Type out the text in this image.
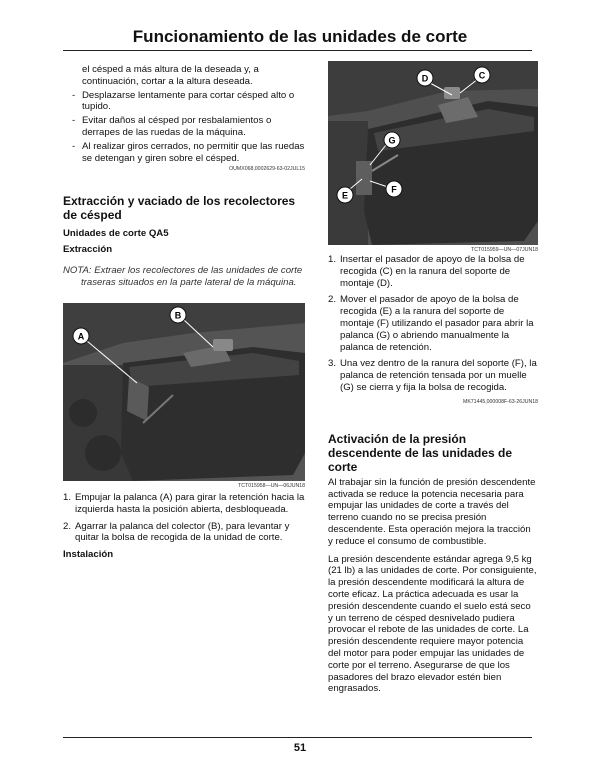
Funcionamiento de las unidades de corte
el césped a más altura de la deseada y, a continuación, cortar a la altura deseada.
- Desplazarse lentamente para cortar césped alto o tupido.
- Evitar daños al césped por resbalamientos o derrapes de las ruedas de la máquina.
- Al realizar giros cerrados, no permitir que las ruedas se detengan y giren sobre el césped.
OUMX068,0002629-63-02JUL15
Extracción y vaciado de los recolectores de césped
Unidades de corte QA5
Extracción
NOTA: Extraer los recolectores de las unidades de corte
traseras situados en la parte lateral de la máquina.
A
B
TCT015958—UN—06JUN18
1. Empujar la palanca (A) para girar la retención hacia la izquierda hasta la posición abierta, desbloqueada.
2. Agarrar la palanca del colector (B), para levantar y quitar la bolsa de recogida de la unidad de corte.
Instalación
D	C
G
F
E
TCT015959—UN—07JUN18
1. Insertar el pasador de apoyo de la bolsa de recogida (C) en la ranura del soporte de montaje (D).
2. Mover el pasador de apoyo de la bolsa de recogida (E) a la ranura del soporte de montaje (F) utilizando el pasador para abrir la palanca (G) o abriendo manualmente la palanca de retención.
3. Una vez dentro de la ranura del soporte (F), la palanca de retención tensada por un muelle (G) se cierra y fija la bolsa de recogida.
MK71445,000008F-63-26JUN18
Activación de la presión descendente de las unidades de corte
Al trabajar sin la función de presión descendente activada se reduce la potencia necesaria para empujar las unidades de corte a través del terreno cuando no se precisa presión descendente. Esta operación mejora la tracción y reduce el consumo de combustible.
La presión descendente estándar agrega 9,5 kg (21 lb) a las unidades de corte. Por consiguiente, la presión descendente modificará la altura de corte eficaz. La práctica adecuada es usar la presión descendente cuando el suelo está seco y un terreno de césped desnivelado pudiera provocar el rebote de las unidades de corte. La presión descendente requiere mayor potencia del motor para poder empujar las unidades de corte por el terreno. Asegurarse de que los pasadores del brazo elevador estén bien engrasados.
51
